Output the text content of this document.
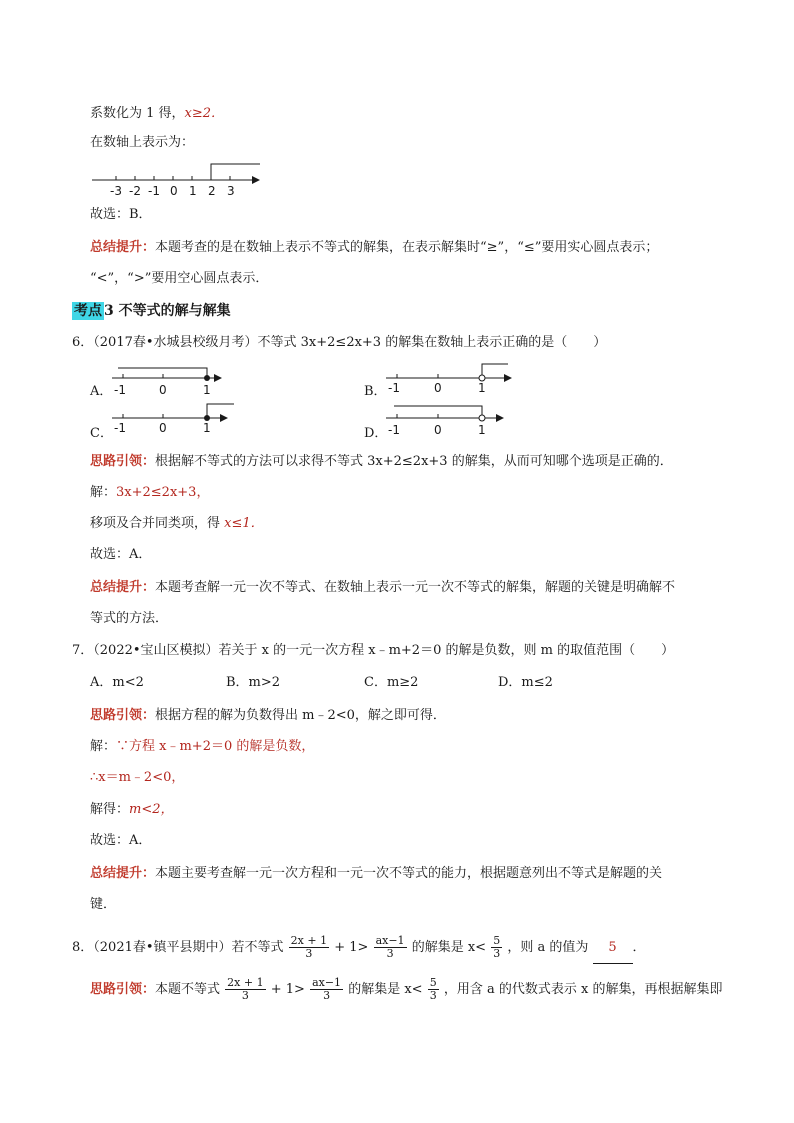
系数化为 1 得，x≥2．
在数轴上表示为：
-3 -2 -1 0 1 2 3
故选：B．
总结提升：本题考查的是在数轴上表示不等式的解集，在表示解集时“≥”，“≤”要用实心圆点表示；
“<”，“>”要用空心圆点表示．
考点 3 不等式的解与解集
6．（2017春•水城县校级月考）不等式 3x+2≤2x+3 的解集在数轴上表示正确的是（　　）
A． -1	0	1	B． -1	0	1
C． -1	0	1	D． -1	0	1
思路引领：根据解不等式的方法可以求得不等式 3x+2≤2x+3 的解集，从而可知哪个选项是正确的．
解：3x+2≤2x+3，
移项及合并同类项，得 x≤1．
故选：A．
总结提升：本题考查解一元一次不等式、在数轴上表示一元一次不等式的解集，解题的关键是明确解不
等式的方法．
7．（2022•宝山区模拟）若关于 x 的一元一次方程 x﹣m+2＝0 的解是负数，则 m 的取值范围（　　）
A．m<2	B．m>2	C．m≥2	D．m≤2
思路引领：根据方程的解为负数得出 m﹣2<0，解之即可得．
解：∵方程 x﹣m+2＝0 的解是负数，
∴x＝m﹣2<0，
解得：m<2，
故选：A．
总结提升：本题主要考查解一元一次方程和一元一次不等式的能力，根据题意列出不等式是解题的关
键．
8．（2021春•镇平县期中）若不等式 $\frac{2x + 1}{3} + 1> \frac{ax-1}{3}$ 的解集是 $x< \frac{5}{3}$ ，则 a 的值为 5 ．
思路引领：本题不等式 $\frac{2x + 1}{3} + 1> \frac{ax-1}{3}$ 的解集是 $x< \frac{5}{3}$ ，用含 a 的代数式表示 x 的解集，再根据解集即
